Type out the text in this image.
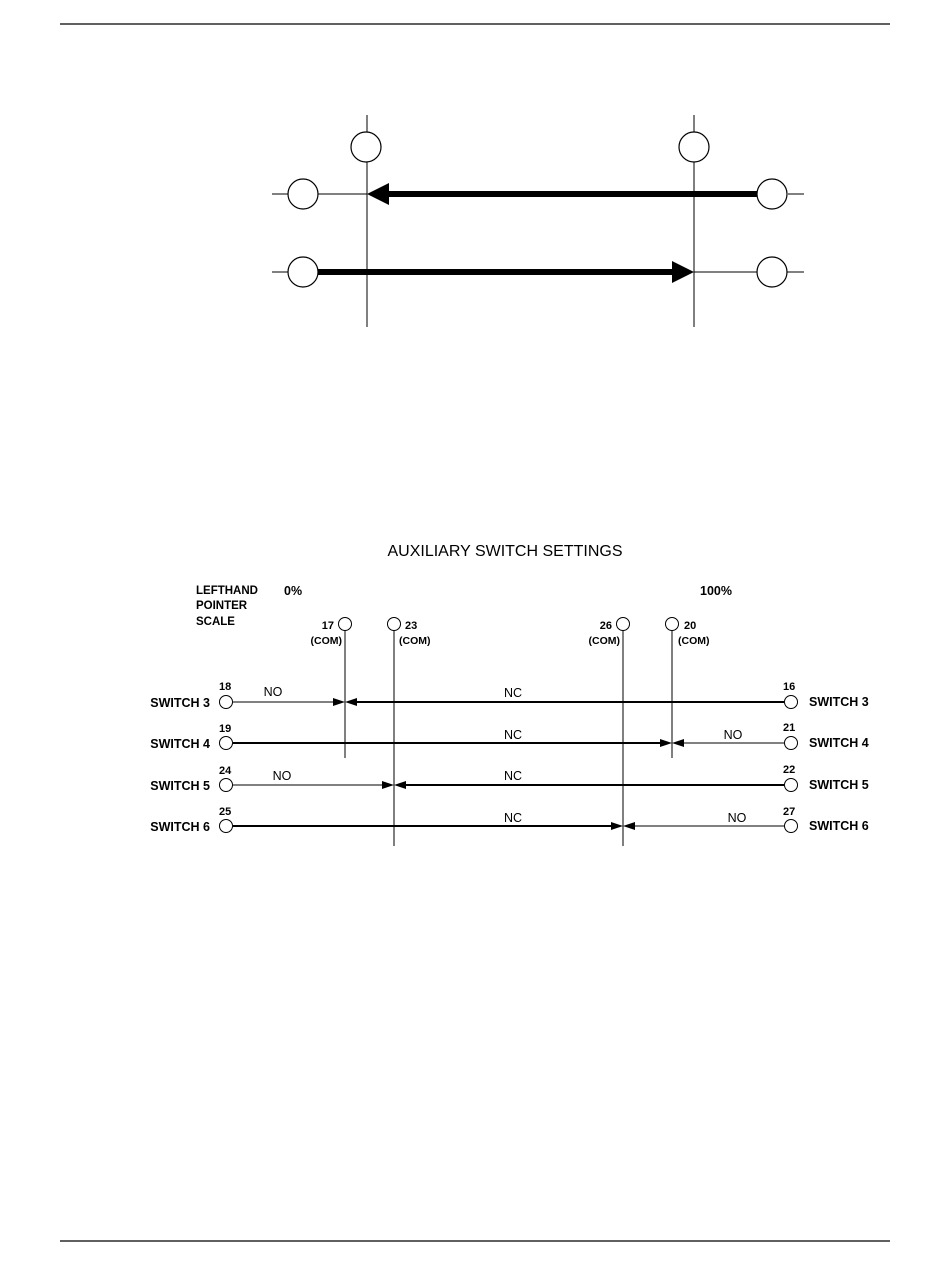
AUXILIARY SWITCH SETTINGS
LEFTHAND
POINTER
SCALE
0%	100%
17
(COM)
23
(COM)
26
(COM)
20
(COM)
SWITCH 3	SWITCH 3
18	16
NO	NC
SWITCH 4	SWITCH 4
19	21
NC	NO
SWITCH 5	SWITCH 5
24	22
NO	NC
SWITCH 6	SWITCH 6
25	27
NC	NO
